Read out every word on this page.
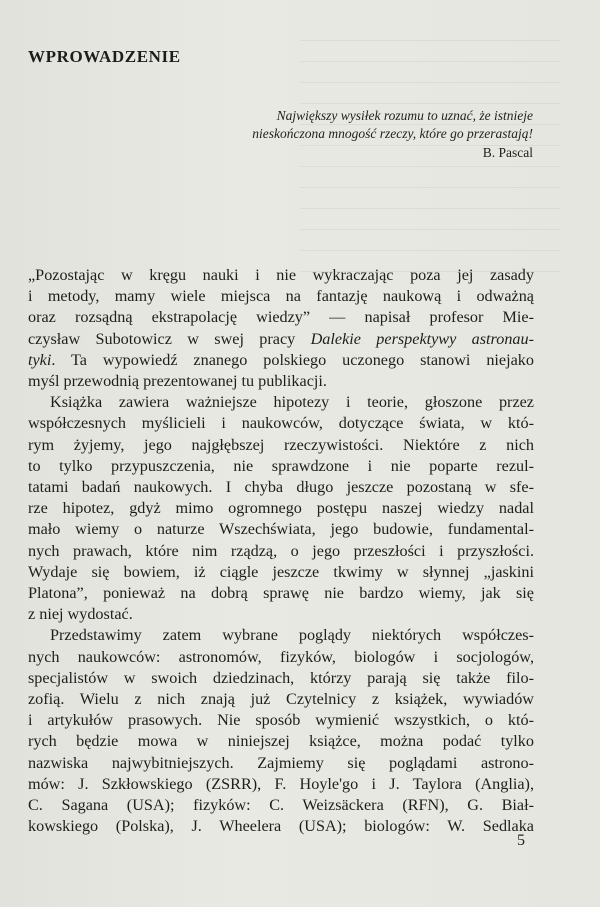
WPROWADZENIE
Największy wysiłek rozumu to uznać, że istnieje
nieskończona mnogość rzeczy, które go przerastają!
B. Pascal
„Pozostając w kręgu nauki i nie wykraczając poza jej zasady
i metody, mamy wiele miejsca na fantazję naukową i odważną
oraz rozsądną ekstrapolację wiedzy” — napisał profesor Mie-
czysław Subotowicz w swej pracy Dalekie perspektywy astronau-
tyki. Ta wypowiedź znanego polskiego uczonego stanowi niejako
myśl przewodnią prezentowanej tu publikacji.
Książka zawiera ważniejsze hipotezy i teorie, głoszone przez
współczesnych myślicieli i naukowców, dotyczące świata, w któ-
rym żyjemy, jego najgłębszej rzeczywistości. Niektóre z nich
to tylko przypuszczenia, nie sprawdzone i nie poparte rezul-
tatami badań naukowych. I chyba długo jeszcze pozostaną w sfe-
rze hipotez, gdyż mimo ogromnego postępu naszej wiedzy nadal
mało wiemy o naturze Wszechświata, jego budowie, fundamental-
nych prawach, które nim rządzą, o jego przeszłości i przyszłości.
Wydaje się bowiem, iż ciągle jeszcze tkwimy w słynnej „jaskini
Platona”, ponieważ na dobrą sprawę nie bardzo wiemy, jak się
z niej wydostać.
Przedstawimy zatem wybrane poglądy niektórych współczes-
nych naukowców: astronomów, fizyków, biologów i socjologów,
specjalistów w swoich dziedzinach, którzy parają się także filo-
zofią. Wielu z nich znają już Czytelnicy z książek, wywiadów
i artykułów prasowych. Nie sposób wymienić wszystkich, o któ-
rych będzie mowa w niniejszej książce, można podać tylko
nazwiska najwybitniejszych. Zajmiemy się poglądami astrono-
mów: J. Szkłowskiego (ZSRR), F. Hoyle'go i J. Taylora (Anglia),
C. Sagana (USA); fizyków: C. Weizsäckera (RFN), G. Biał-
kowskiego (Polska), J. Wheelera (USA); biologów: W. Sedlaka
5
